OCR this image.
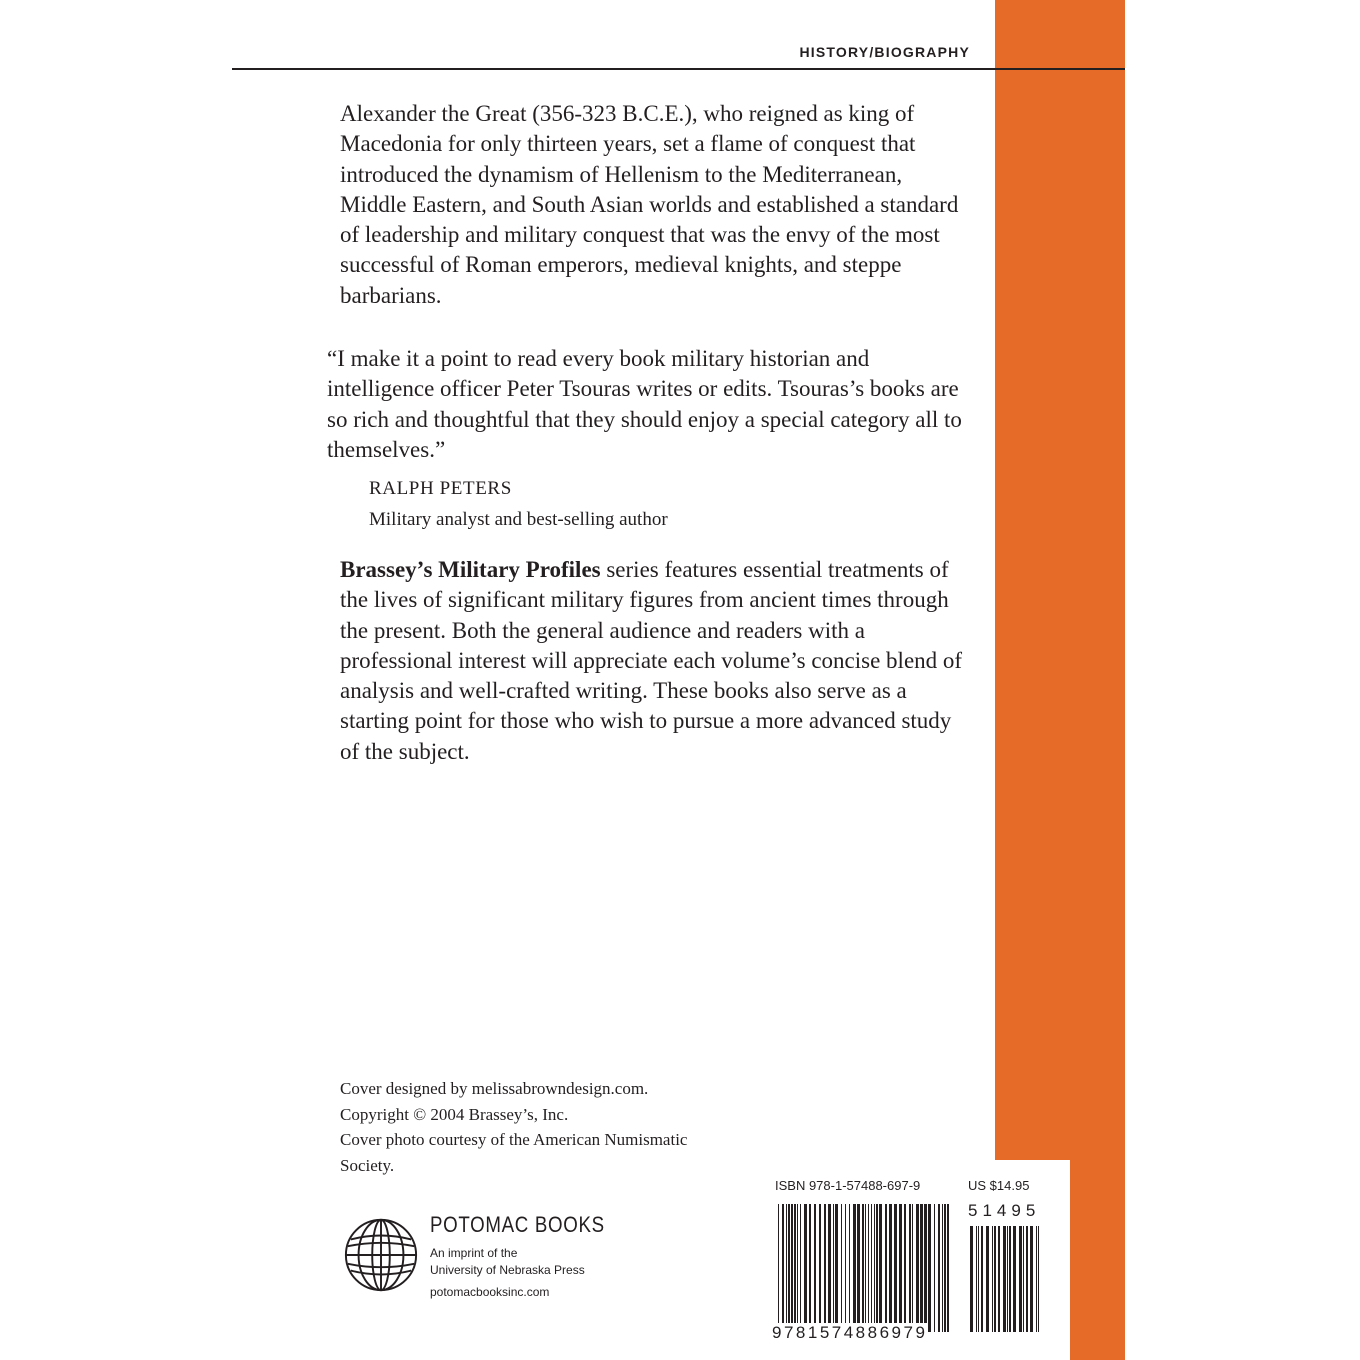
HISTORY/BIOGRAPHY
Alexander the Great (356-323 B.C.E.), who reigned as king of Macedonia for only thirteen years, set a flame of conquest that introduced the dynamism of Hellenism to the Mediterranean, Middle Eastern, and South Asian worlds and established a standard of leadership and military conquest that was the envy of the most successful of Roman emperors, medieval knights, and steppe barbarians.
“I make it a point to read every book military historian and intelligence officer Peter Tsouras writes or edits. Tsouras’s books are so rich and thoughtful that they should enjoy a special category all to themselves.”
RALPH PETERS
Military analyst and best-selling author
Brassey’s Military Profiles series features essential treatments of the lives of significant military figures from ancient times through the present. Both the general audience and readers with a professional interest will appreciate each volume’s concise blend of analysis and well-crafted writing. These books also serve as a starting point for those who wish to pursue a more advanced study of the subject.
Cover designed by melissabrowndesign.com.
Copyright © 2004 Brassey’s, Inc.
Cover photo courtesy of the American Numismatic Society.
POTOMAC BOOKS
An imprint of the
University of Nebraska Press
potomacbooksinc.com
ISBN 978-1-57488-697-9	US $14.95
51495
9781574886979
